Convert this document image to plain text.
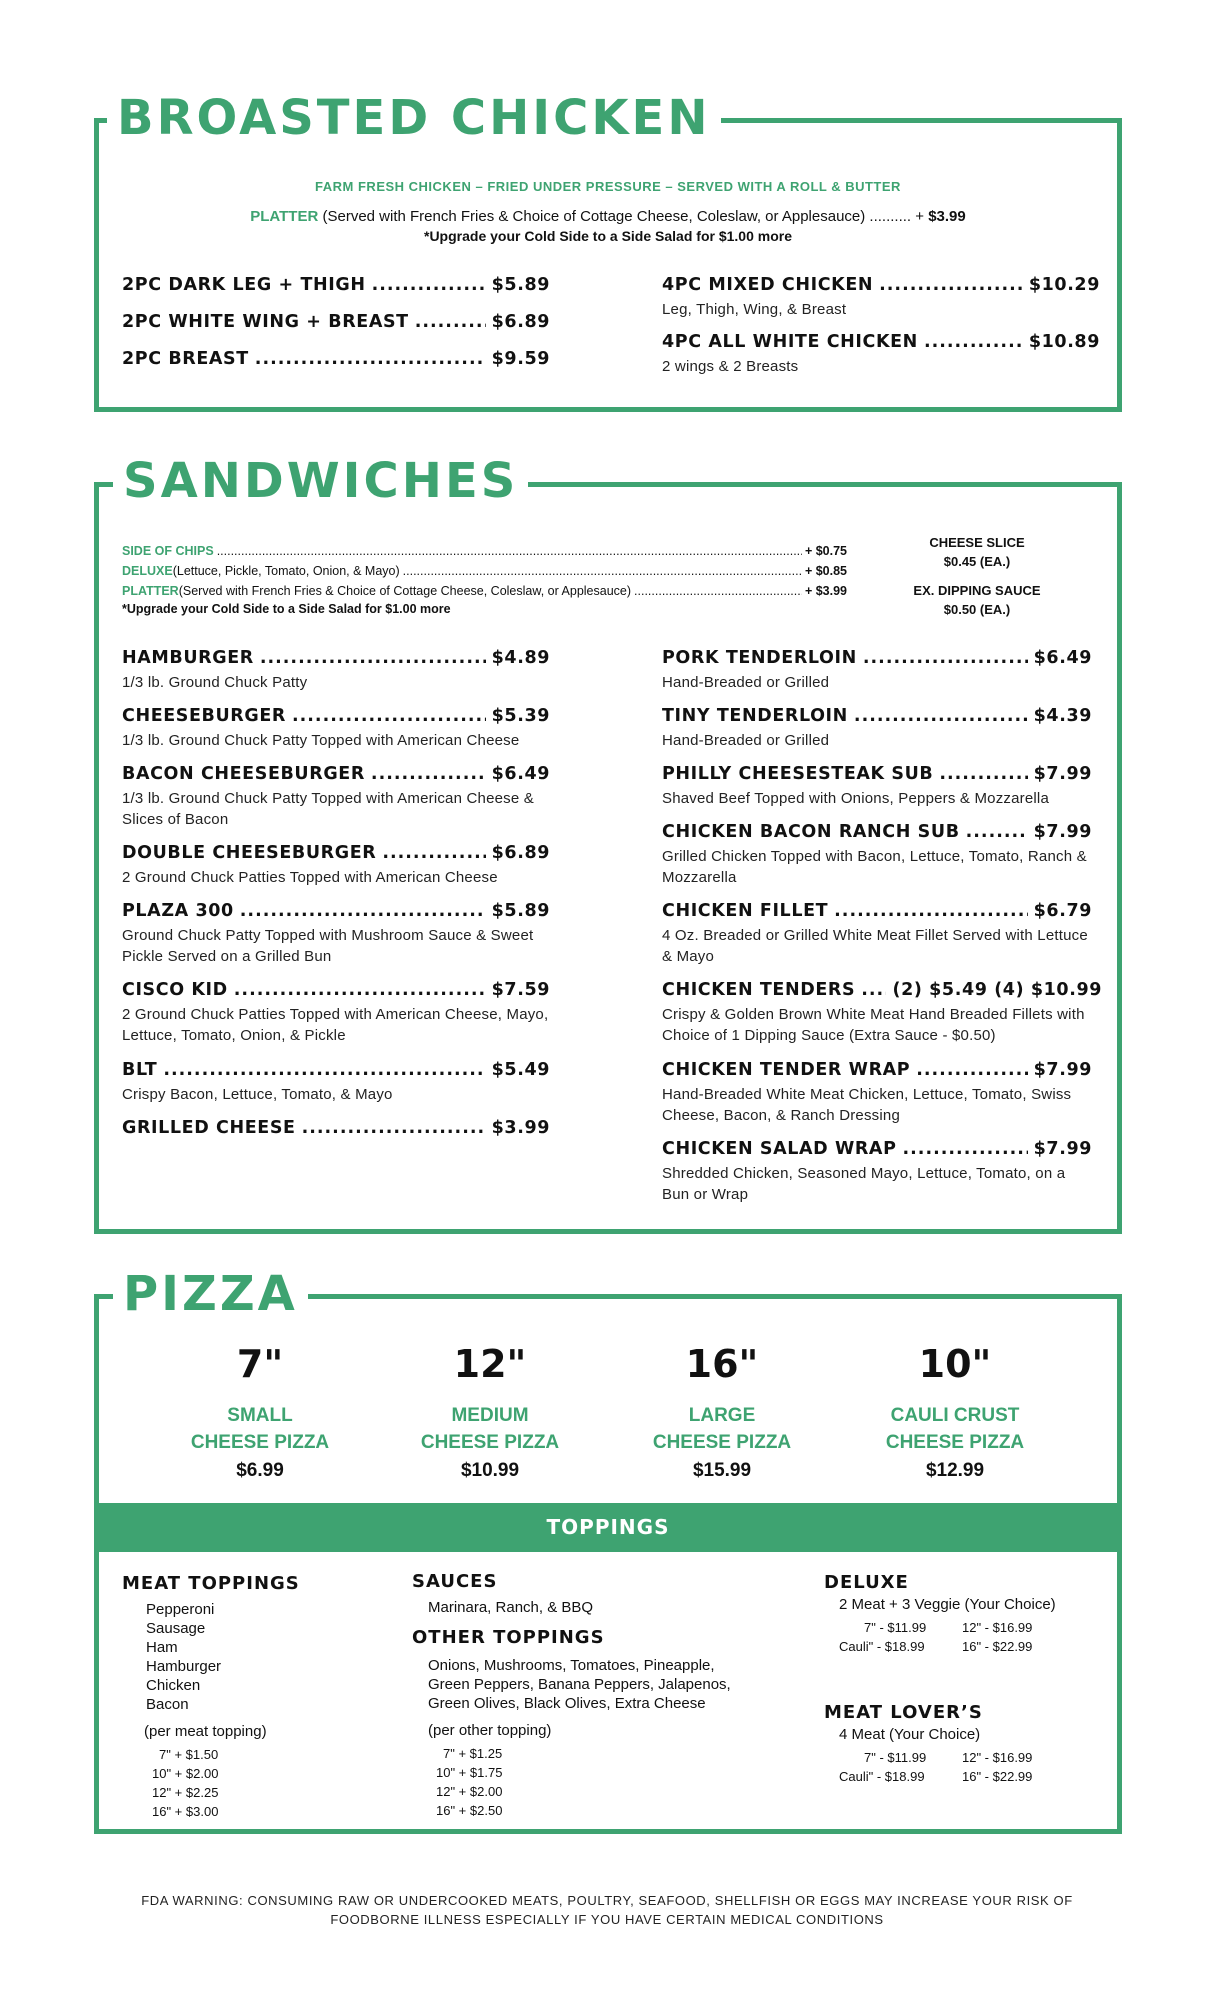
BROASTED CHICKEN
FARM FRESH CHICKEN – FRIED UNDER PRESSURE – SERVED WITH A ROLL & BUTTER
PLATTER (Served with French Fries & Choice of Cottage Cheese, Coleslaw, or Applesauce) .......... + $3.99
*Upgrade your Cold Side to a Side Salad for $1.00 more
2PC DARK LEG + THIGH .....	$5.89
2PC WHITE WING + BREAST .....	$6.89
2PC BREAST .....	$9.59
4PC MIXED CHICKEN .....	$10.29
Leg, Thigh, Wing, & Breast
4PC ALL WHITE CHICKEN .....	$10.89
2 wings & 2 Breasts
SANDWICHES
SIDE OF CHIPS .....	+ $0.75
DELUXE (Lettuce, Pickle, Tomato, Onion, & Mayo) .....	+ $0.85
PLATTER (Served with French Fries & Choice of Cottage Cheese, Coleslaw, or Applesauce) .....	+ $3.99
*Upgrade your Cold Side to a Side Salad for $1.00 more
CHEESE SLICE
$0.45 (EA.)
EX. DIPPING SAUCE
$0.50 (EA.)
HAMBURGER .....	$4.89
1/3 lb. Ground Chuck Patty
CHEESEBURGER .....	$5.39
1/3 lb. Ground Chuck Patty Topped with American Cheese
BACON CHEESEBURGER .....	$6.49
1/3 lb. Ground Chuck Patty Topped with American Cheese & Slices of Bacon
DOUBLE CHEESEBURGER .....	$6.89
2 Ground Chuck Patties Topped with American Cheese
PLAZA 300 .....	$5.89
Ground Chuck Patty Topped with Mushroom Sauce & Sweet Pickle Served on a Grilled Bun
CISCO KID .....	$7.59
2 Ground Chuck Patties Topped with American Cheese, Mayo, Lettuce, Tomato, Onion, & Pickle
BLT .....	$5.49
Crispy Bacon, Lettuce, Tomato, & Mayo
GRILLED CHEESE .....	$3.99
PORK TENDERLOIN .....	$6.49
Hand-Breaded or Grilled
TINY TENDERLOIN .....	$4.39
Hand-Breaded or Grilled
PHILLY CHEESESTEAK SUB .....	$7.99
Shaved Beef Topped with Onions, Peppers & Mozzarella
CHICKEN BACON RANCH SUB .....	$7.99
Grilled Chicken Topped with Bacon, Lettuce, Tomato, Ranch & Mozzarella
CHICKEN FILLET .....	$6.79
4 Oz. Breaded or Grilled White Meat Fillet Served with Lettuce & Mayo
CHICKEN TENDERS ..... (2) $5.49 (4) $10.99
Crispy & Golden Brown White Meat Hand Breaded Fillets with Choice of 1 Dipping Sauce (Extra Sauce - $0.50)
CHICKEN TENDER WRAP .....	$7.99
Hand-Breaded White Meat Chicken, Lettuce, Tomato, Swiss Cheese, Bacon, & Ranch Dressing
CHICKEN SALAD WRAP .....	$7.99
Shredded Chicken, Seasoned Mayo, Lettuce, Tomato, on a Bun or Wrap
PIZZA
7"
SMALL
CHEESE PIZZA
$6.99
12"
MEDIUM
CHEESE PIZZA
$10.99
16"
LARGE
CHEESE PIZZA
$15.99
10"
CAULI CRUST
CHEESE PIZZA
$12.99
TOPPINGS
MEAT TOPPINGS
Pepperoni
Sausage
Ham
Hamburger
Chicken
Bacon
(per meat topping)
7" + $1.50
10" + $2.00
12" + $2.25
16" + $3.00
SAUCES
Marinara, Ranch, & BBQ
OTHER TOPPINGS
Onions, Mushrooms, Tomatoes, Pineapple,
Green Peppers, Banana Peppers, Jalapenos,
Green Olives, Black Olives, Extra Cheese
(per other topping)
7" + $1.25
10" + $1.75
12" + $2.00
16" + $2.50
DELUXE
2 Meat + 3 Veggie (Your Choice)
7" - $11.99	12" - $16.99
Cauli" - $18.99	16" - $22.99
MEAT LOVER’S
4 Meat (Your Choice)
7" - $11.99	12" - $16.99
Cauli" - $18.99	16" - $22.99
FDA WARNING: CONSUMING RAW OR UNDERCOOKED MEATS, POULTRY, SEAFOOD, SHELLFISH OR EGGS MAY INCREASE YOUR RISK OF
FOODBORNE ILLNESS ESPECIALLY IF YOU HAVE CERTAIN MEDICAL CONDITIONS
